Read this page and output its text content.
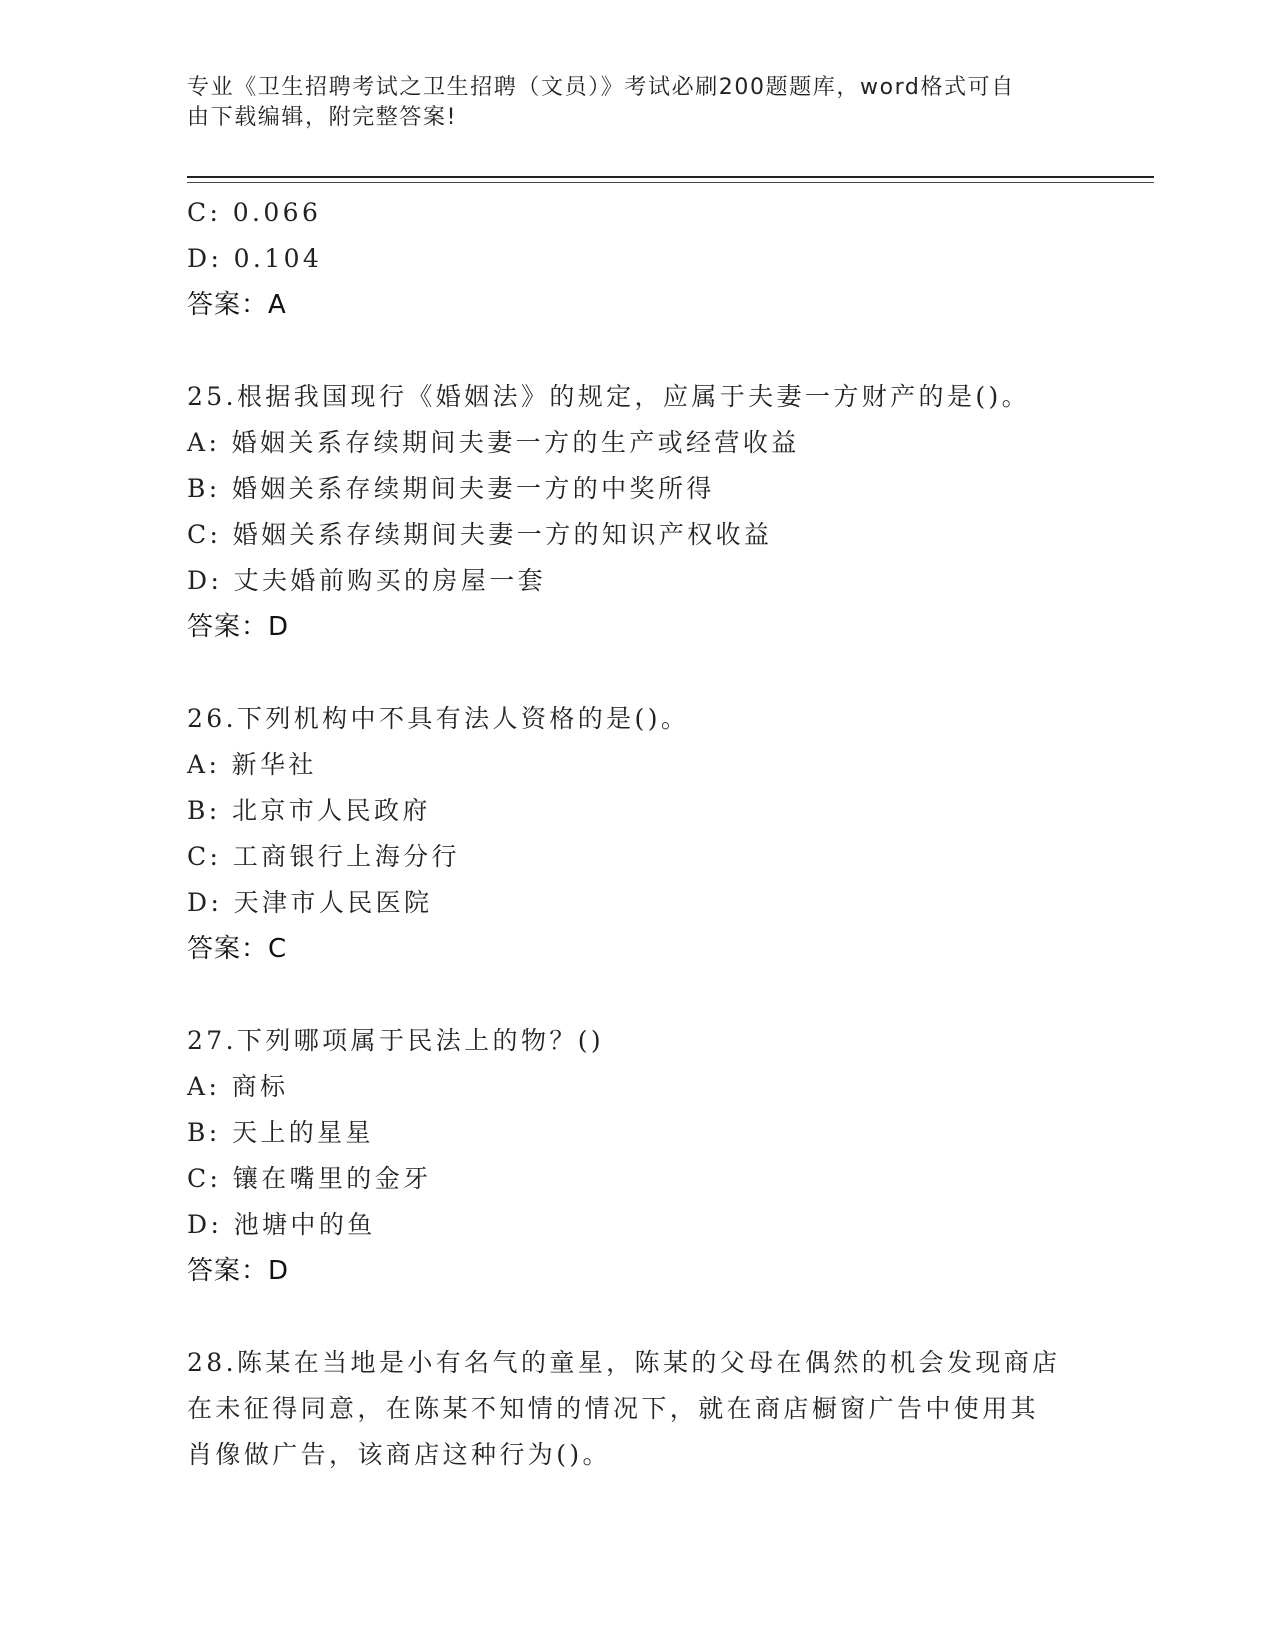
专业《卫生招聘考试之卫生招聘（文员）》考试必刷200题题库，word格式可自
由下载编辑，附完整答案!
C: 0.066
D: 0.104
答案：A
25.根据我国现行《婚姻法》的规定，应属于夫妻一方财产的是()。
A: 婚姻关系存续期间夫妻一方的生产或经营收益
B: 婚姻关系存续期间夫妻一方的中奖所得
C: 婚姻关系存续期间夫妻一方的知识产权收益
D: 丈夫婚前购买的房屋一套
答案：D
26.下列机构中不具有法人资格的是()。
A: 新华社
B: 北京市人民政府
C: 工商银行上海分行
D: 天津市人民医院
答案：C
27.下列哪项属于民法上的物？()
A: 商标
B: 天上的星星
C: 镶在嘴里的金牙
D: 池塘中的鱼
答案：D
28.陈某在当地是小有名气的童星，陈某的父母在偶然的机会发现商店
在未征得同意，在陈某不知情的情况下，就在商店橱窗广告中使用其
肖像做广告，该商店这种行为()。
